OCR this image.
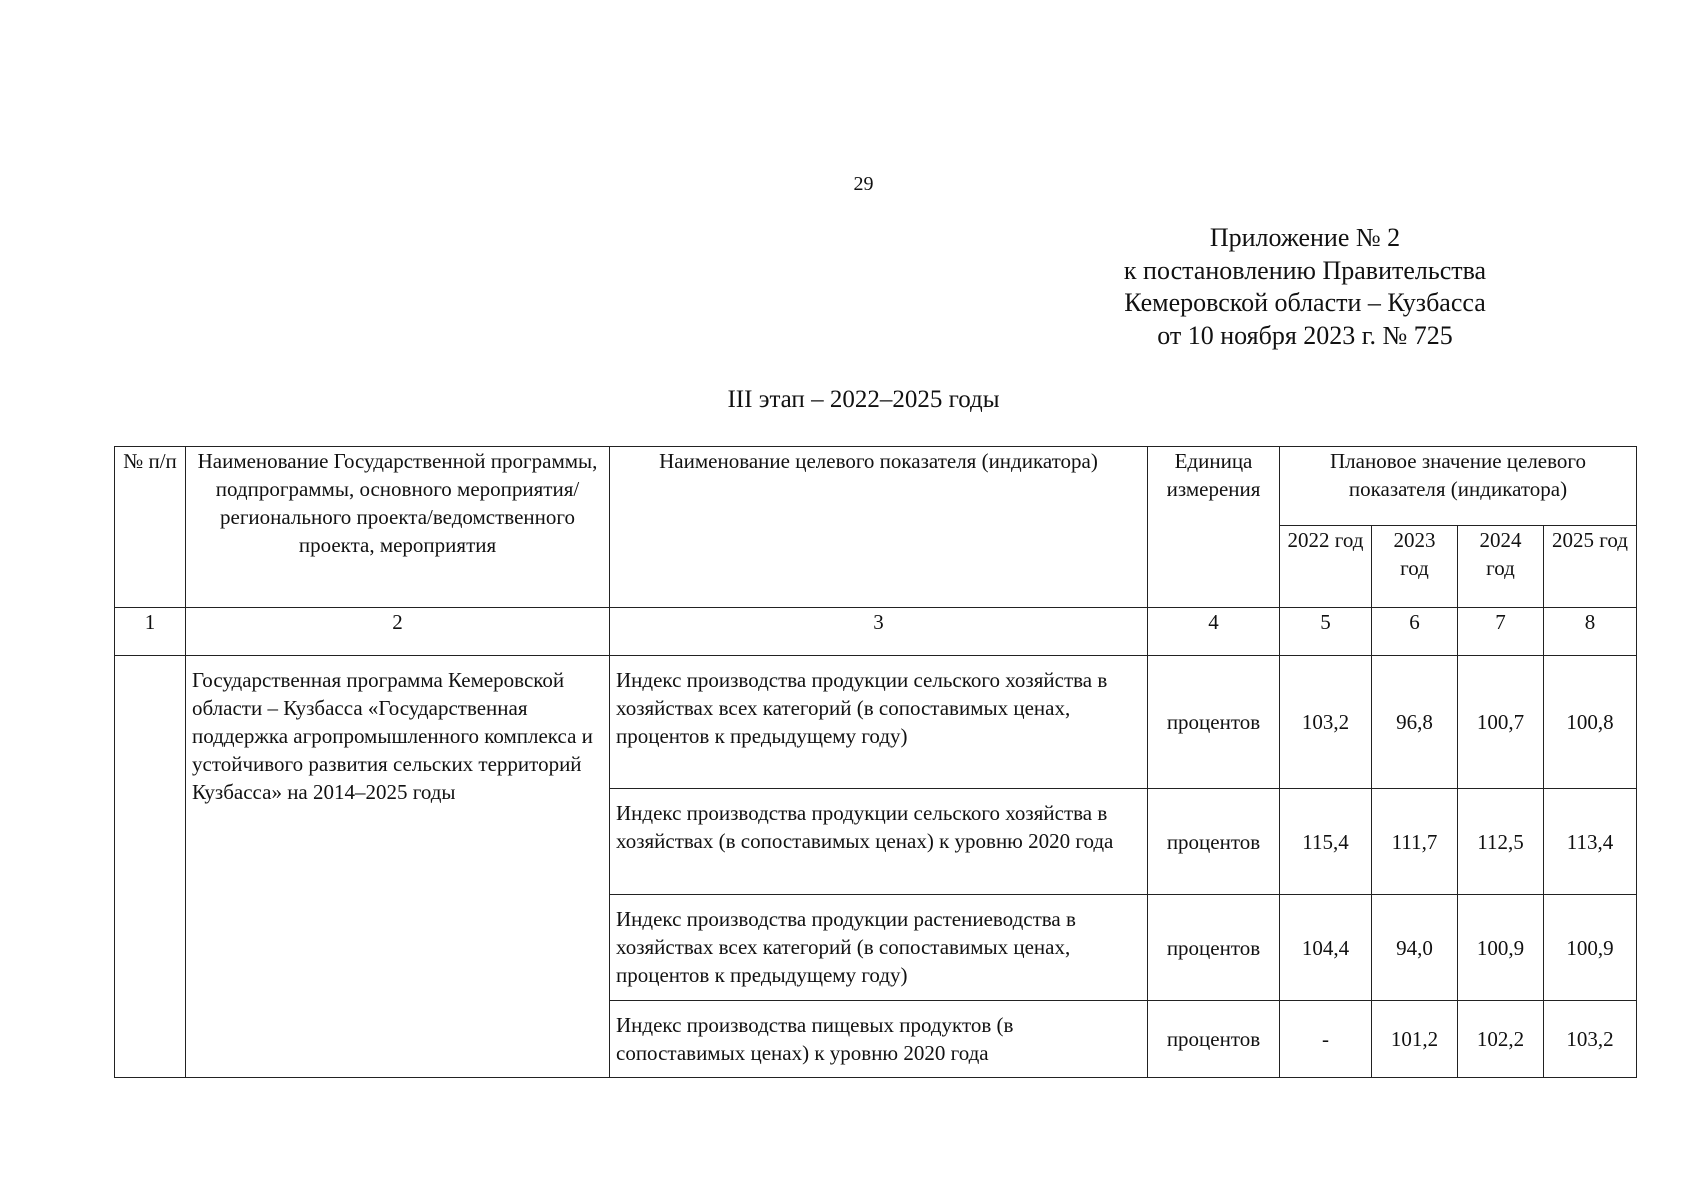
29
Приложение № 2
к постановлению Правительства
Кемеровской области – Кузбасса
от 10 ноября 2023 г. № 725
III этап – 2022–2025 годы
№ п/п	Наименование Государственной программы, подпрограммы, основного мероприятия/регионального проекта/ведомственного проекта, мероприятия	Наименование целевого показателя (индикатора)	Единица измерения	Плановое значение целевого показателя (индикатора)			
				2022 год	2023 год	2024 год	2025 год
1	2	3	4	5	6	7	8
	Государственная программа Кемеровской области – Кузбасса «Государственная поддержка агропромышленного комплекса и устойчивого развития сельских территорий Кузбасса» на 2014–2025 годы	Индекс производства продукции сельского хозяйства в хозяйствах всех категорий (в сопоставимых ценах, процентов к предыдущему году)	процентов	103,2	96,8	100,7	100,8
		Индекс производства продукции сельского хозяйства в хозяйствах (в сопоставимых ценах) к уровню 2020 года	процентов	115,4	111,7	112,5	113,4
		Индекс производства продукции растениеводства в хозяйствах всех категорий (в сопоставимых ценах, процентов к предыдущему году)	процентов	104,4	94,0	100,9	100,9
		Индекс производства пищевых продуктов (в сопоставимых ценах) к уровню 2020 года	процентов	-	101,2	102,2	103,2
